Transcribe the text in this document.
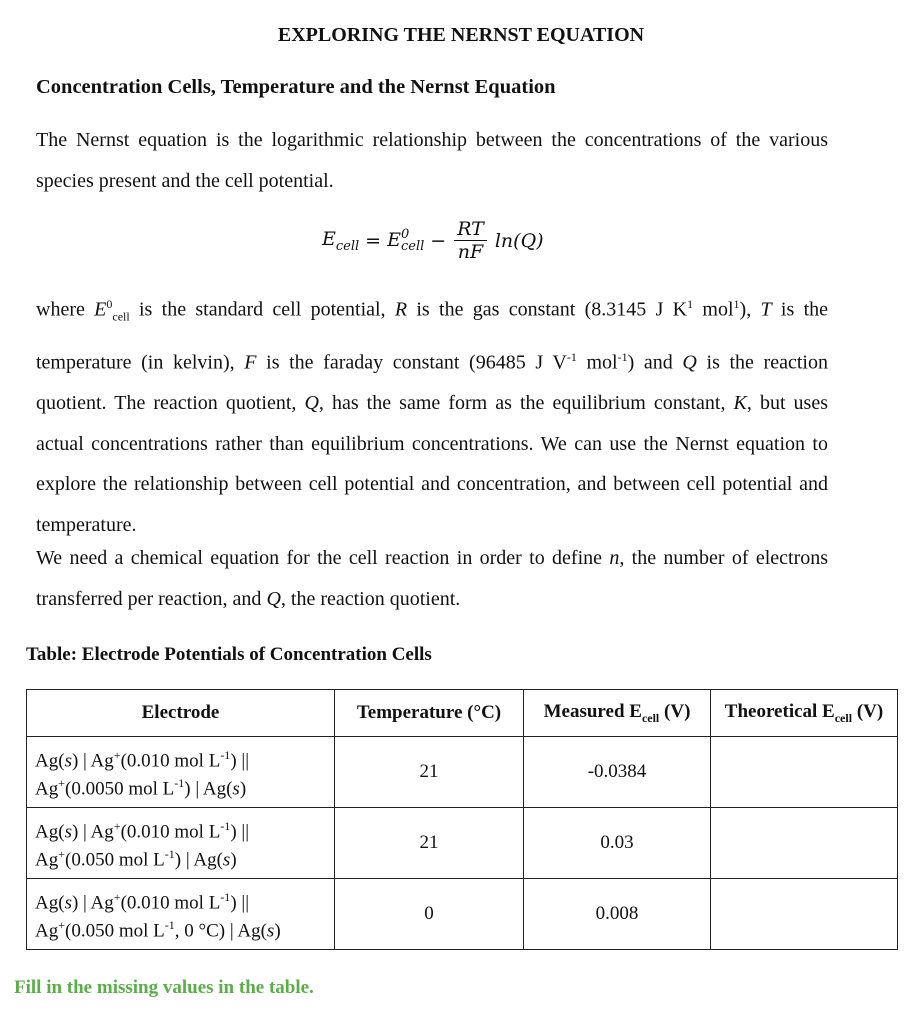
EXPLORING THE NERNST EQUATION
Concentration Cells, Temperature and the Nernst Equation
The Nernst equation is the logarithmic relationship between the concentrations of the various species present and the cell potential.
$E_{cell} = E$ 0
cell − $\frac{RT}{nF} \ln(Q)$
where $E^0_{cell}$ is the standard cell potential, R is the gas constant (8.3145 J $K^1$ mol$^1$), T is the temperature (in kelvin), F is the faraday constant (96485 J $V^{-1}$ mol$^{-1}$) and Q is the reaction quotient. The reaction quotient, Q, has the same form as the equilibrium constant, K, but uses actual concentrations rather than equilibrium concentrations. We can use the Nernst equation to explore the relationship between cell potential and concentration, and between cell potential and temperature.
We need a chemical equation for the cell reaction in order to define n, the number of electrons transferred per reaction, and Q, the reaction quotient.
Table: Electrode Potentials of Concentration Cells
Electrode	Temperature (°C)	Measured $E_{cell}$ (V)	Theoretical $E_{cell}$ (V)
Ag(s) | Ag+(0.010 mol $L^{-1}$) ||
Ag+(0.0050 mol $L^{-1}$) | Ag(s)	21	-0.0384	
Ag(s) | Ag+(0.010 mol $L^{-1}$) ||
Ag+(0.050 mol $L^{-1}$) | Ag(s)	21	0.03	
Ag(s) | Ag+(0.010 mol $L^{-1}$) ||
Ag+(0.050 mol $L^{-1}$, 0 °C) | Ag(s)	0	0.008	
Fill in the missing values in the table.
